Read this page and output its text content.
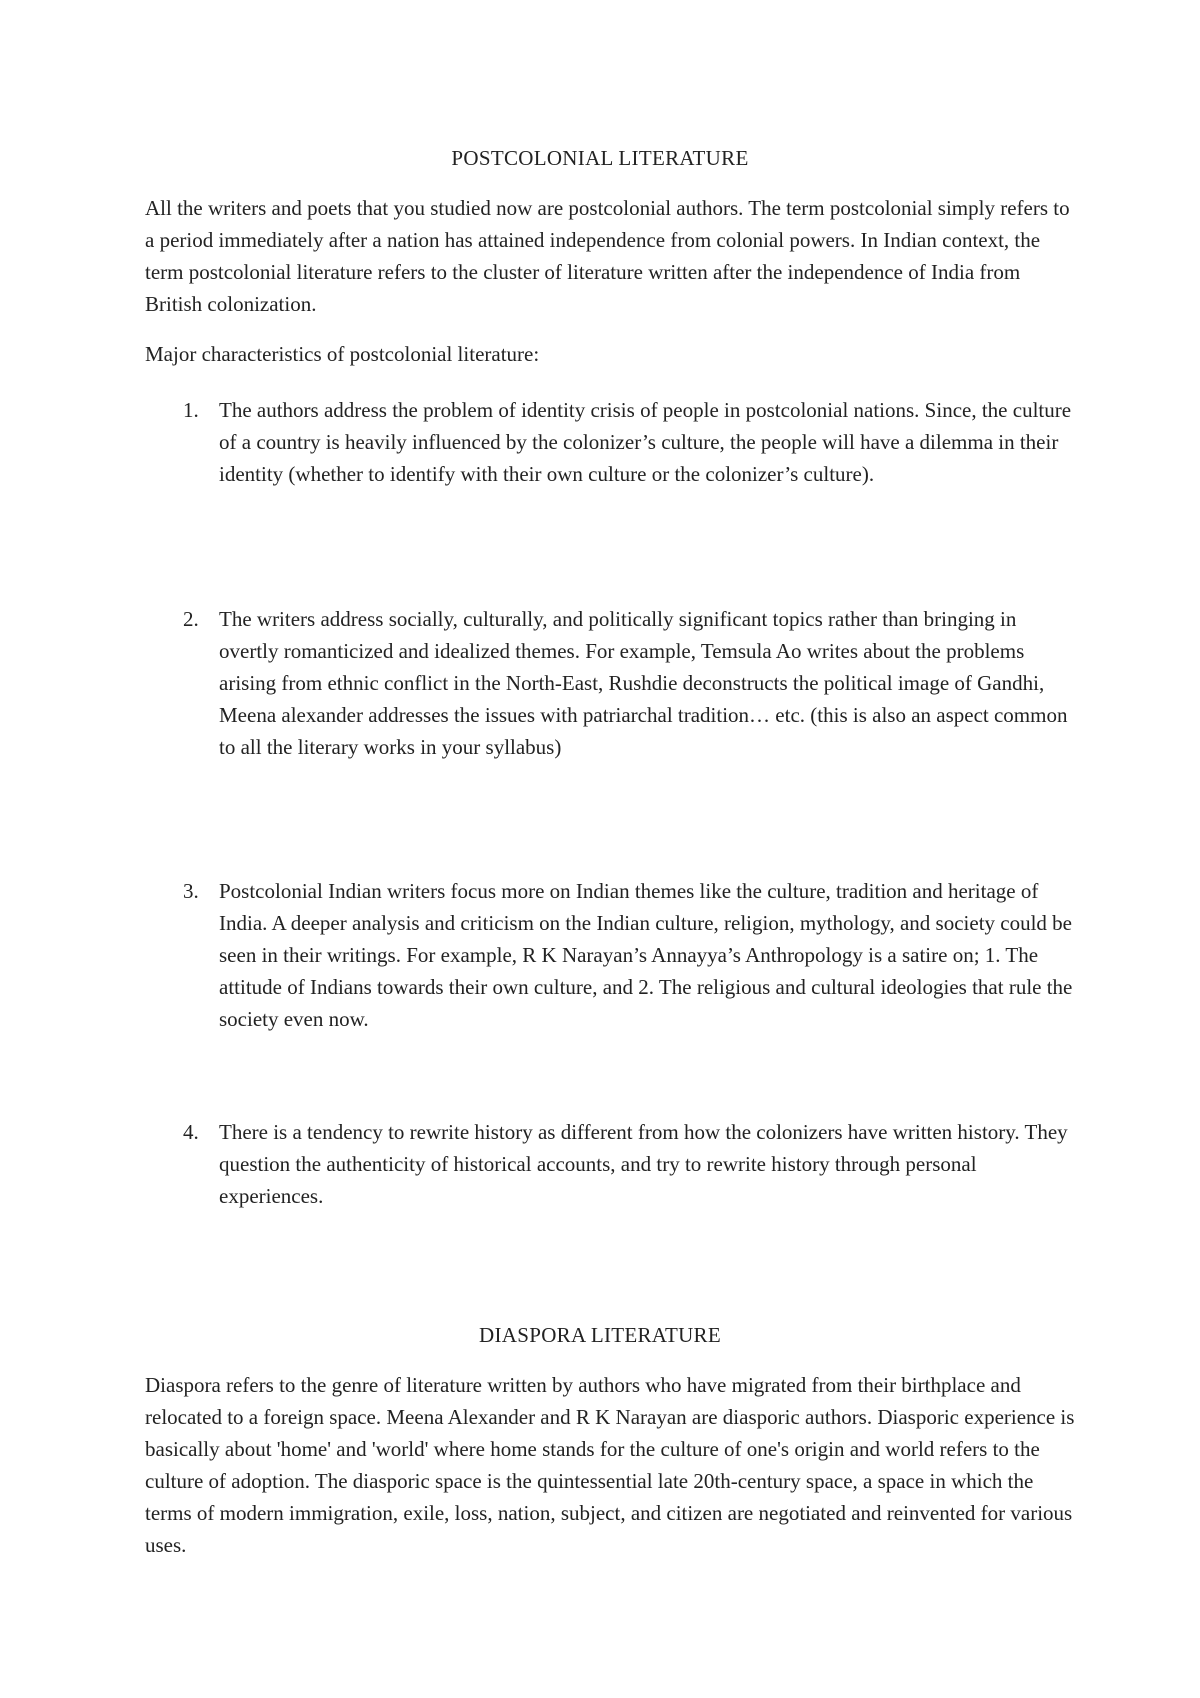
POSTCOLONIAL LITERATURE

All the writers and poets that you studied now are postcolonial authors. The term postcolonial simply refers to a period immediately after a nation has attained independence from colonial powers. In Indian context, the term postcolonial literature refers to the cluster of literature written after the independence of India from British colonization.

Major characteristics of postcolonial literature:

1. The authors address the problem of identity crisis of people in postcolonial nations. Since, the culture of a country is heavily influenced by the colonizer’s culture, the people will have a dilemma in their identity (whether to identify with their own culture or the colonizer’s culture).
2. The writers address socially, culturally, and politically significant topics rather than bringing in overtly romanticized and idealized themes. For example, Temsula Ao writes about the problems arising from ethnic conflict in the North-East, Rushdie deconstructs the political image of Gandhi, Meena alexander addresses the issues with patriarchal tradition… etc. (this is also an aspect common to all the literary works in your syllabus)
3. Postcolonial Indian writers focus more on Indian themes like the culture, tradition and heritage of India. A deeper analysis and criticism on the Indian culture, religion, mythology, and society could be seen in their writings. For example, R K Narayan’s Annayya’s Anthropology is a satire on; 1. The attitude of Indians towards their own culture, and 2. The religious and cultural ideologies that rule the society even now.
4. There is a tendency to rewrite history as different from how the colonizers have written history. They question the authenticity of historical accounts, and try to rewrite history through personal experiences.
DIASPORA LITERATURE

Diaspora refers to the genre of literature written by authors who have migrated from their birthplace and relocated to a foreign space. Meena Alexander and R K Narayan are diasporic authors. Diasporic experience is basically about 'home' and 'world' where home stands for the culture of one's origin and world refers to the culture of adoption. The diasporic space is the quintessential late 20th-century space, a space in which the terms of modern immigration, exile, loss, nation, subject, and citizen are negotiated and reinvented for various uses.
